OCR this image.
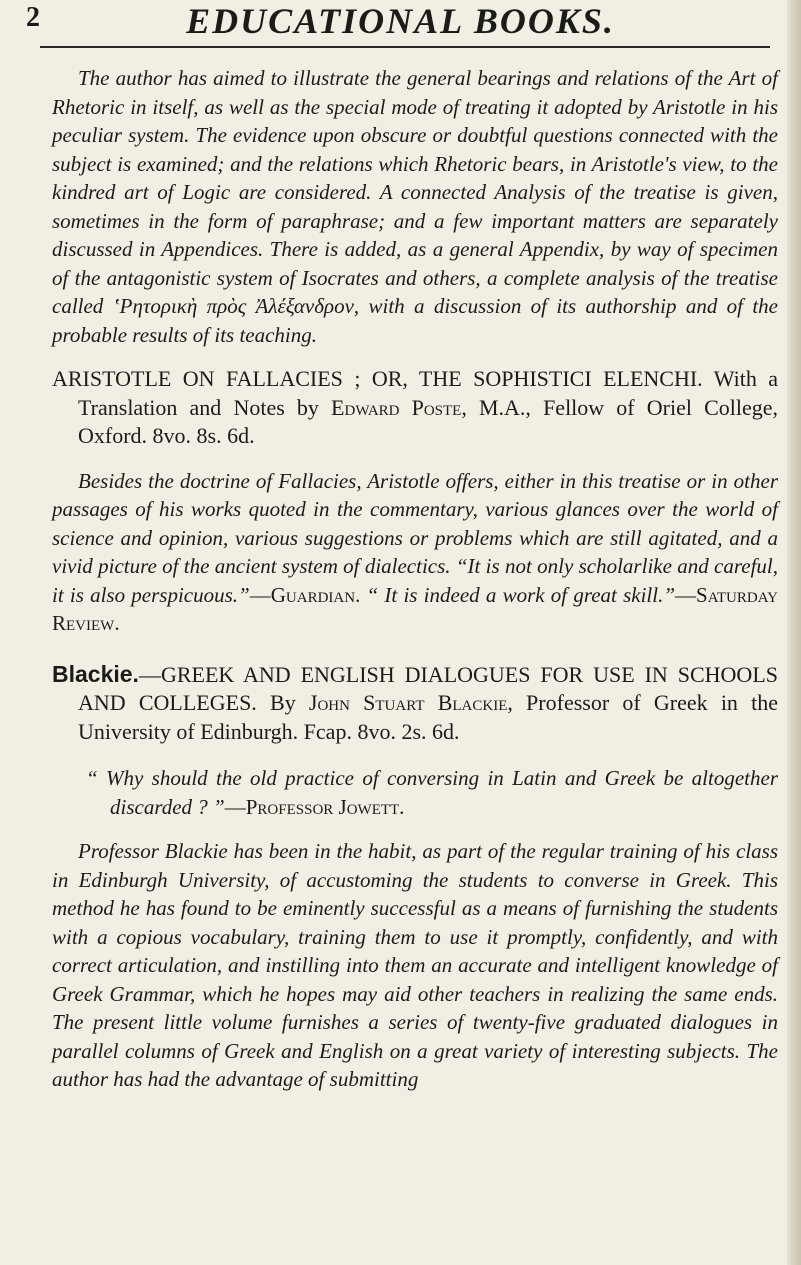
2	EDUCATIONAL BOOKS.

The author has aimed to illustrate the general bearings and relations of the Art of Rhetoric in itself, as well as the special mode of treating it adopted by Aristotle in his peculiar system. The evidence upon obscure or doubtful questions connected with the subject is examined; and the relations which Rhetoric bears, in Aristotle's view, to the kindred art of Logic are considered. A connected Analysis of the treatise is given, sometimes in the form of paraphrase; and a few important matters are separately discussed in Appendices. There is added, as a general Appendix, by way of specimen of the antagonistic system of Isocrates and others, a complete analysis of the treatise called ʽΡητορικὴ πρὸς Ἀλέξανδρον, with a discussion of its authorship and of the probable results of its teaching.

ARISTOTLE ON FALLACIES ; OR, THE SOPHISTICI ELENCHI. With a Translation and Notes by Edward Poste, M.A., Fellow of Oriel College, Oxford. 8vo. 8s. 6d.

Besides the doctrine of Fallacies, Aristotle offers, either in this treatise or in other passages of his works quoted in the commentary, various glances over the world of science and opinion, various suggestions or problems which are still agitated, and a vivid picture of the ancient system of dialectics. “It is not only scholarlike and careful, it is also perspicuous.”—Guardian. “ It is indeed a work of great skill.”—Saturday Review.

Blackie.—GREEK AND ENGLISH DIALOGUES FOR USE IN SCHOOLS AND COLLEGES. By John Stuart Blackie, Professor of Greek in the University of Edinburgh. Fcap. 8vo. 2s. 6d.

“ Why should the old practice of conversing in Latin and Greek be altogether discarded ? ”—Professor Jowett.

Professor Blackie has been in the habit, as part of the regular training of his class in Edinburgh University, of accustoming the students to converse in Greek. This method he has found to be eminently successful as a means of furnishing the students with a copious vocabulary, training them to use it promptly, confidently, and with correct articulation, and instilling into them an accurate and intelligent knowledge of Greek Grammar, which he hopes may aid other teachers in realizing the same ends. The present little volume furnishes a series of twenty-five graduated dialogues in parallel columns of Greek and English on a great variety of interesting subjects. The author has had the advantage of submitting
